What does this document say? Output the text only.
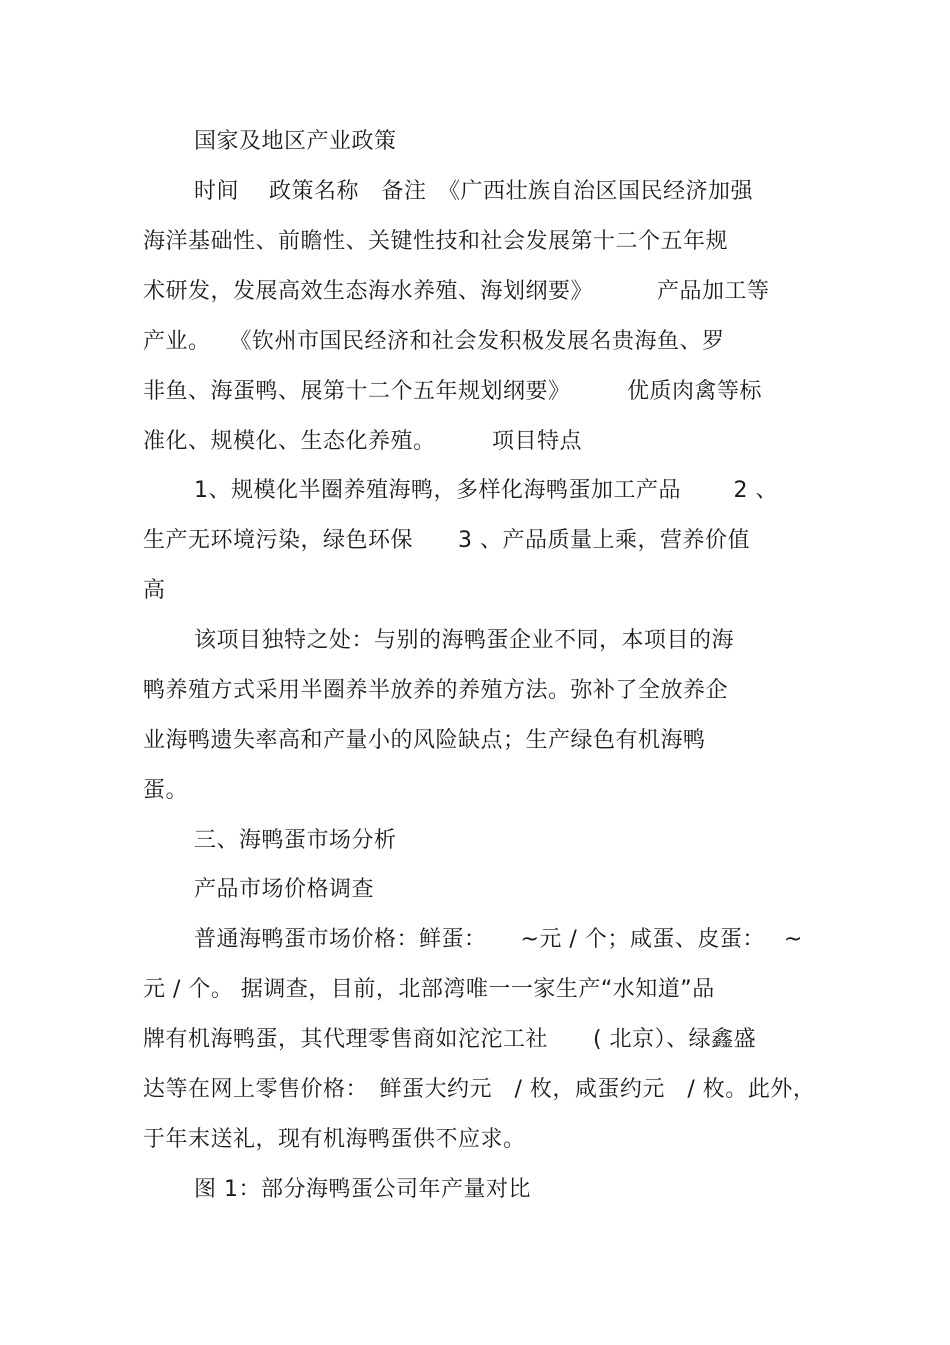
国家及地区产业政策
时间　 政策名称　备注　《广西壮族自治区国民经济加强
海洋基础性、前瞻性、关键性技和社会发展第十二个五年规
术研发，发展高效生态海水养殖、海划纲要》　　　 产品加工等
产业。　 《钦州市国民经济和社会发积极发展名贵海鱼、罗
非鱼、海蛋鸭、展第十二个五年规划纲要》　　　优质肉禽等标
准化、规模化、生态化养殖。　　　项目特点
1、规模化半圈养殖海鸭，多样化海鸭蛋加工产品　　 2 、
生产无环境污染，绿色环保　　3 、产品质量上乘，营养价值
高
该项目独特之处：与别的海鸭蛋企业不同，本项目的海
鸭养殖方式采用半圈养半放养的养殖方法。弥补了全放养企
业海鸭遗失率高和产量小的风险缺点；生产绿色有机海鸭
蛋。
三、海鸭蛋市场分析
产品市场价格调查
普通海鸭蛋市场价格：鲜蛋：　　~元 / 个；咸蛋、皮蛋：　 ~
元 / 个。 据调查，目前，北部湾唯一一家生产“水知道”品
牌有机海鸭蛋，其代理零售商如沱沱工社　　( 北京）、绿鑫盛
达等在网上零售价格：　鲜蛋大约元　/ 枚，咸蛋约元　/ 枚。此外，
于年末送礼，现有机海鸭蛋供不应求。
图 1：部分海鸭蛋公司年产量对比
